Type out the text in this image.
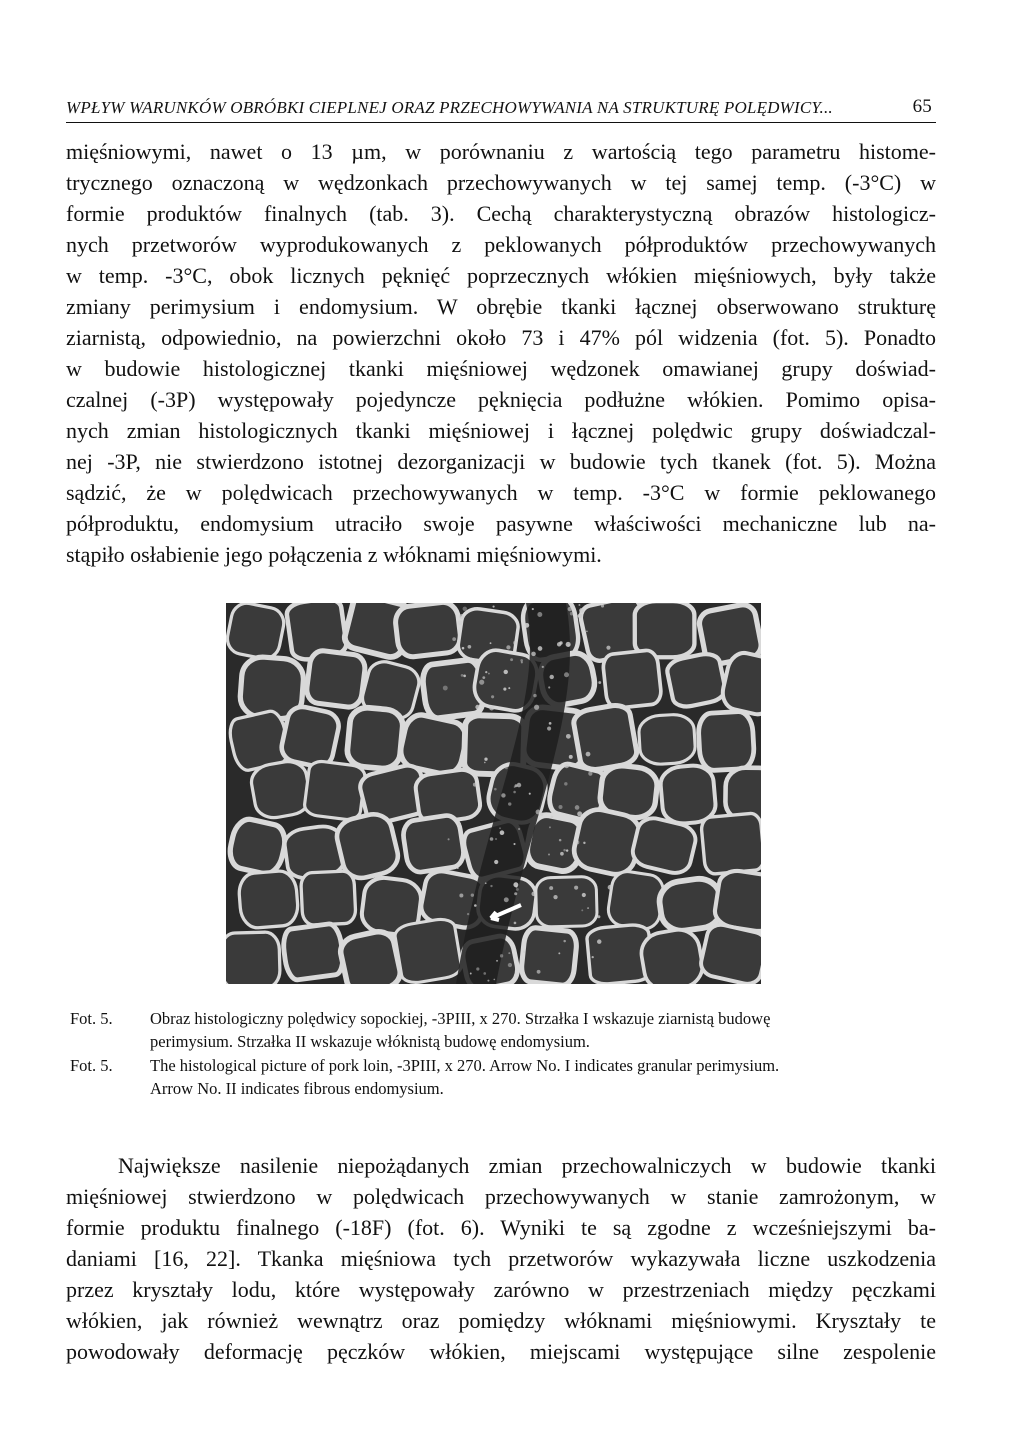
WPŁYW WARUNKÓW OBRÓBKI CIEPLNEJ ORAZ PRZECHOWYWANIA NA STRUKTURĘ POLĘDWICY...	65
mięśniowymi, nawet o 13 µm, w porównaniu z wartością tego parametru histome-
trycznego oznaczoną w wędzonkach przechowywanych w tej samej temp. (-3°C) w
formie produktów finalnych (tab. 3). Cechą charakterystyczną obrazów histologicz-
nych przetworów wyprodukowanych z peklowanych półproduktów przechowywanych
w temp. -3°C, obok licznych pęknięć poprzecznych włókien mięśniowych, były także
zmiany perimysium i endomysium. W obrębie tkanki łącznej obserwowano strukturę
ziarnistą, odpowiednio, na powierzchni około 73 i 47% pól widzenia (fot. 5). Ponadto
w budowie histologicznej tkanki mięśniowej wędzonek omawianej grupy doświad-
czalnej (-3P) występowały pojedyncze pęknięcia podłużne włókien. Pomimo opisa-
nych zmian histologicznych tkanki mięśniowej i łącznej polędwic grupy doświadczal-
nej -3P, nie stwierdzono istotnej dezorganizacji w budowie tych tkanek (fot. 5). Można
sądzić, że w polędwicach przechowywanych w temp. -3°C w formie peklowanego
półproduktu, endomysium utraciło swoje pasywne właściwości mechaniczne lub na-
stąpiło osłabienie jego połączenia z włóknami mięśniowymi.
Fot. 5. Obraz histologiczny polędwicy sopockiej, -3PIII, x 270. Strzałka I wskazuje ziarnistą budowę
perimysium. Strzałka II wskazuje włóknistą budowę endomysium.
Fot. 5. The histological picture of pork loin, -3PIII, x 270. Arrow No. I indicates granular perimysium.
Arrow No. II indicates fibrous endomysium.
Największe nasilenie niepożądanych zmian przechowalniczych w budowie tkanki
mięśniowej stwierdzono w polędwicach przechowywanych w stanie zamrożonym, w
formie produktu finalnego (-18F) (fot. 6). Wyniki te są zgodne z wcześniejszymi ba-
daniami [16, 22]. Tkanka mięśniowa tych przetworów wykazywała liczne uszkodzenia
przez kryształy lodu, które występowały zarówno w przestrzeniach między pęczkami
włókien, jak również wewnątrz oraz pomiędzy włóknami mięśniowymi. Kryształy te
powodowały deformację pęczków włókien, miejscami występujące silne zespolenie
